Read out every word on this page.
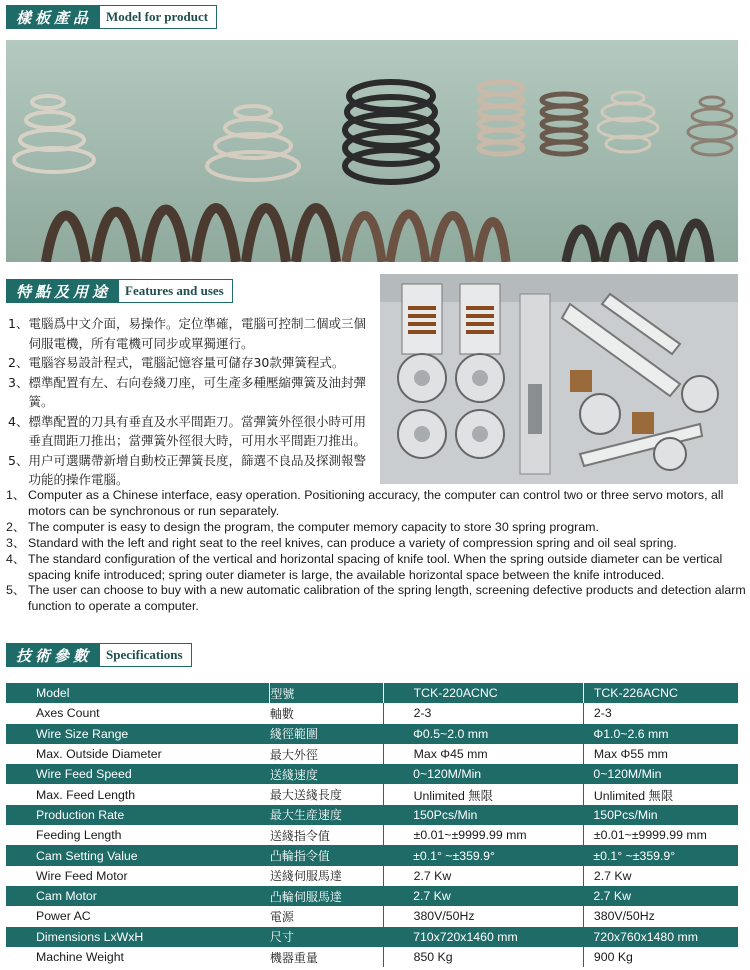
樣板產品	Model for product
特點及用途	Features and uses
1、 電腦爲中文介面，易操作。定位準確，電腦可控制二個或三個伺服電機，所有電機可同步或單獨運行。
2、 電腦容易設計程式，電腦記憶容量可儲存30款彈簧程式。
3、 標準配置有左、右向卷綫刀座，可生產多種壓縮彈簧及油封彈簧。
4、 標準配置的刀具有垂直及水平間距刀。當彈簧外徑很小時可用垂直間距刀推出；當彈簧外徑很大時，可用水平間距刀推出。
5、 用户可選購帶新增自動校正彈簧長度，篩選不良品及探測報警功能的操作電腦。
1、 Computer as a Chinese interface, easy operation. Positioning accuracy, the computer can control two or three servo motors, all motors can be synchronous or run separately.
2、 The computer is easy to design the program, the computer memory capacity to store 30 spring program.
3、 Standard with the left and right seat to the reel knives, can produce a variety of compression spring and oil seal spring.
4、 The standard configuration of the vertical and horizontal spacing of knife tool. When the spring outside diameter can be vertical spacing knife introduced; spring outer diameter is large, the available horizontal space between the knife introduced.
5、 The user can choose to buy with a new automatic calibration of the spring length, screening defective products and detection alarm function to operate a computer.
技術參數	Specifications
Model	型號	TCK-220ACNC	TCK-226ACNC
Axes Count	軸數	2-3	2-3
Wire Size Range	綫徑範圍	Φ0.5~2.0 mm	Φ1.0~2.6 mm
Max. Outside Diameter	最大外徑	Max Φ45 mm	Max Φ55 mm
Wire Feed Speed	送綫速度	0~120M/Min	0~120M/Min
Max. Feed Length	最大送綫長度	Unlimited 無限	Unlimited 無限
Production Rate	最大生産速度	150Pcs/Min	150Pcs/Min
Feeding Length	送綫指令值	±0.01~±9999.99 mm	±0.01~±9999.99 mm
Cam Setting Value	凸輪指令值	±0.1° ~±359.9°	±0.1° ~±359.9°
Wire Feed Motor	送綫伺服馬達	2.7 Kw	2.7 Kw
Cam Motor	凸輪伺服馬達	2.7 Kw	2.7 Kw
Power AC	電源	380V/50Hz	380V/50Hz
Dimensions LxWxH	尺寸	710x720x1460 mm	720x760x1480 mm
Machine Weight	機器重量	850 Kg	900 Kg
